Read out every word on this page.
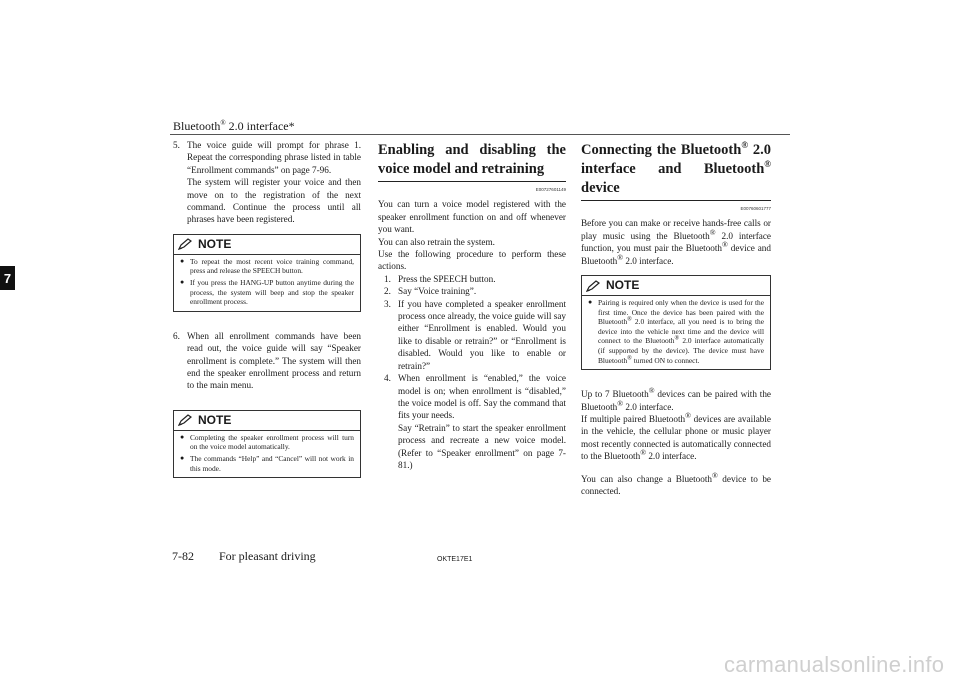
Bluetooth® 2.0 interface*
7
5. The voice guide will prompt for phrase 1. Repeat the corresponding phrase listed in table “Enrollment commands” on page 7-96.
The system will register your voice and then move on to the registration of the next command. Continue the process until all phrases have been registered.
NOTE
● To repeat the most recent voice training command, press and release the SPEECH button.
● If you press the HANG-UP button anytime during the process, the system will beep and stop the speaker enrollment process.
6. When all enrollment commands have been read out, the voice guide will say “Speaker enrollment is complete.” The system will then end the speaker enrollment process and return to the main menu.
NOTE
● Completing the speaker enrollment process will turn on the voice model automatically.
● The commands “Help” and “Cancel” will not work in this mode.
Enabling and disabling the voice model and retraining
E00727601149

You can turn a voice model registered with the speaker enrollment function on and off whenever you want.

You can also retrain the system.

Use the following procedure to perform these actions.

1. Press the SPEECH button.
2. Say “Voice training”.
3. If you have completed a speaker enrollment process once already, the voice guide will say either “Enrollment is enabled. Would you like to disable or retrain?” or “Enrollment is disabled. Would you like to enable or retrain?”
4. When enrollment is “enabled,” the voice model is on; when enrollment is “disabled,” the voice model is off. Say the command that fits your needs.
Say “Retrain” to start the speaker enrollment process and recreate a new voice model. (Refer to “Speaker enrollment” on page 7-81.)
Connecting the Bluetooth® 2.0 interface and Bluetooth® device
E00760601777

Before you can make or receive hands-free calls or play music using the Bluetooth® 2.0 interface function, you must pair the Bluetooth® device and Bluetooth® 2.0 interface.

NOTE
● Pairing is required only when the device is used for the first time. Once the device has been paired with the Bluetooth® 2.0 interface, all you need is to bring the device into the vehicle next time and the device will connect to the Bluetooth® 2.0 interface automatically (if supported by the device). The device must have Bluetooth® turned ON to connect.

Up to 7 Bluetooth® devices can be paired with the Bluetooth® 2.0 interface.

If multiple paired Bluetooth® devices are available in the vehicle, the cellular phone or music player most recently connected is automatically connected to the Bluetooth® 2.0 interface.

You can also change a Bluetooth® device to be connected.

7-82 For pleasant driving	OKTE17E1
carmanualsonline.info
